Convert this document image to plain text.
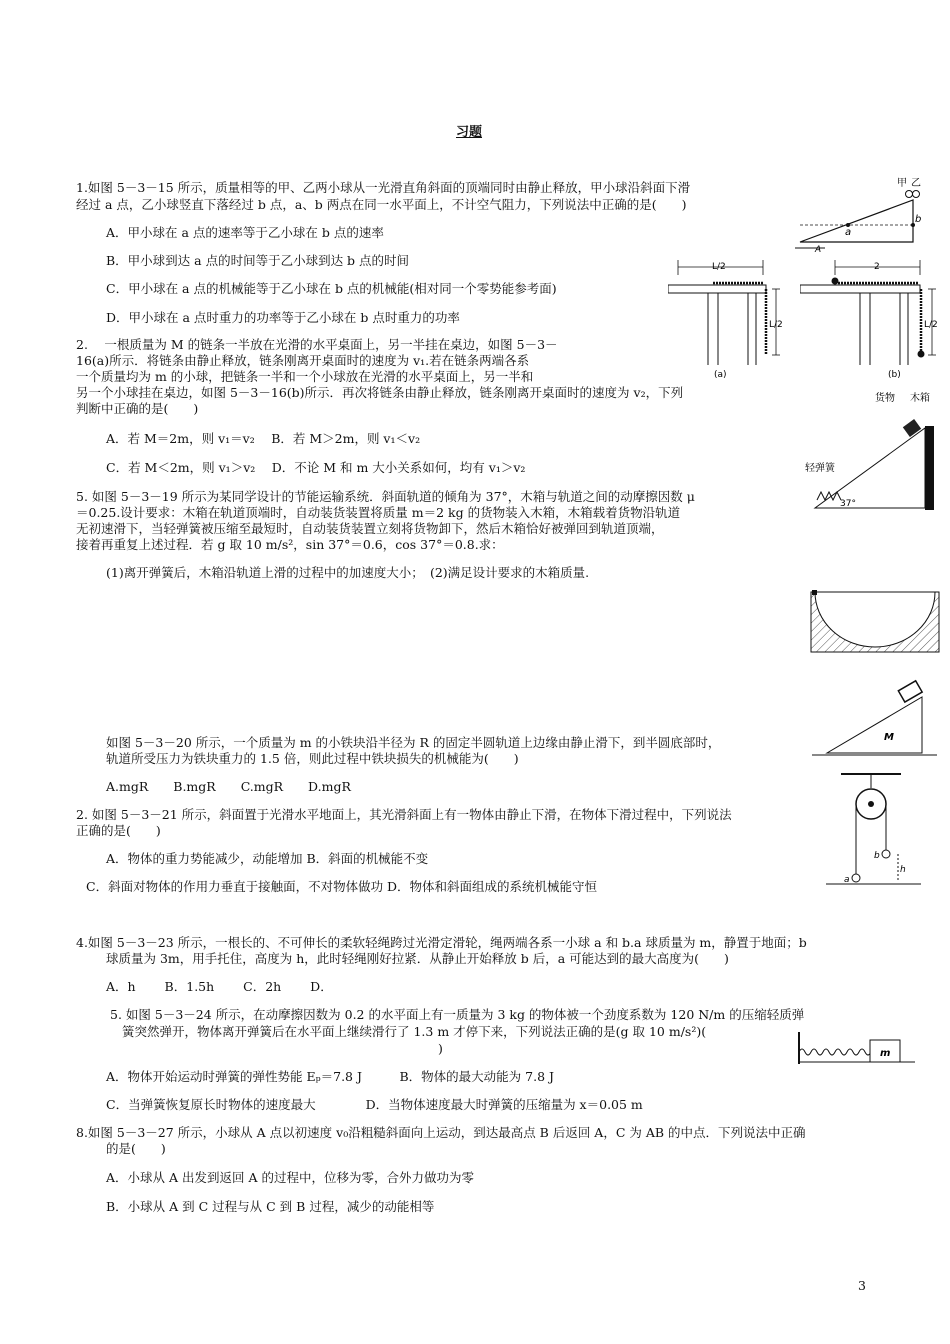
习题
1.如图 5－3－15 所示，质量相等的甲、乙两小球从一光滑直角斜面的顶端同时由静止释放，甲小球沿斜面下滑
经过 a 点，乙小球竖直下落经过 b 点，a、b 两点在同一水平面上，不计空气阻力，下列说法中正确的是(　　)
A．甲小球在 a 点的速率等于乙小球在 b 点的速率
B．甲小球到达 a 点的时间等于乙小球到达 b 点的时间
C．甲小球在 a 点的机械能等于乙小球在 b 点的机械能(相对同一个零势能参考面)
D．甲小球在 a 点时重力的功率等于乙小球在 b 点时重力的功率
2.　 一根质量为 M 的链条一半放在光滑的水平桌面上，另一半挂在桌边，如图 5－3－
16(a)所示．将链条由静止释放，链条刚离开桌面时的速度为 v₁.若在链条两端各系
一个质量均为 m 的小球，把链条一半和一个小球放在光滑的水平桌面上，另一半和
另一个小球挂在桌边，如图 5－3－16(b)所示．再次将链条由静止释放，链条刚离开桌面时的速度为 v₂，下列
判断中正确的是(　　)
A．若 M＝2m，则 v₁＝v₂　 B．若 M＞2m，则 v₁＜v₂
C．若 M＜2m，则 v₁＞v₂　 D．不论 M 和 m 大小关系如何，均有 v₁＞v₂
5. 如图 5－3－19 所示为某同学设计的节能运输系统．斜面轨道的倾角为 37°，木箱与轨道之间的动摩擦因数 μ
＝0.25.设计要求：木箱在轨道顶端时，自动装货装置将质量 m＝2 kg 的货物装入木箱，木箱载着货物沿轨道
无初速滑下，当轻弹簧被压缩至最短时，自动装货装置立刻将货物卸下，然后木箱恰好被弹回到轨道顶端，
接着再重复上述过程．若 g 取 10 m/s²，sin 37°＝0.6，cos 37°＝0.8.求：
(1)离开弹簧后，木箱沿轨道上滑的过程中的加速度大小；　(2)满足设计要求的木箱质量.
如图 5－3－20 所示，一个质量为 m 的小铁块沿半径为 R 的固定半圆轨道上边缘由静止滑下，到半圆底部时，
轨道所受压力为铁块重力的 1.5 倍，则此过程中铁块损失的机械能为(　　)
A.mgR　　B.mgR　　C.mgR　　D.mgR
2. 如图 5－3－21 所示，斜面置于光滑水平地面上，其光滑斜面上有一物体由静止下滑，在物体下滑过程中，下列说法
正确的是(　　)
A．物体的重力势能减少，动能增加 B．斜面的机械能不变
C．斜面对物体的作用力垂直于接触面，不对物体做功 D．物体和斜面组成的系统机械能守恒
4.如图 5－3－23 所示，一根长的、不可伸长的柔软轻绳跨过光滑定滑轮，绳两端各系一小球 a 和 b.a 球质量为 m，静置于地面；b
球质量为 3m，用手托住，高度为 h，此时轻绳刚好拉紧．从静止开始释放 b 后，a 可能达到的最大高度为(　　)
A．h　　 B．1.5h　　 C．2h　　 D．
5. 如图 5－3－24 所示，在动摩擦因数为 0.2 的水平面上有一质量为 3 kg 的物体被一个劲度系数为 120 N/m 的压缩轻质弹
簧突然弹开，物体离开弹簧后在水平面上继续滑行了 1.3 m 才停下来，下列说法正确的是(g 取 10 m/s²)(
)
A．物体开始运动时弹簧的弹性势能 Eₚ＝7.8 J　　　B．物体的最大动能为 7.8 J
C．当弹簧恢复原长时物体的速度最大　　　　D．当物体速度最大时弹簧的压缩量为 x＝0.05 m
8.如图 5－3－27 所示，小球从 A 点以初速度 v₀沿粗糙斜面向上运动，到达最高点 B 后返回 A，C 为 AB 的中点．下列说法中正确
的是(　　)
A．小球从 A 出发到返回 A 的过程中，位移为零，合外力做功为零
B．小球从 A 到 C 过程与从 C 到 B 过程，减少的动能相等
3
甲 乙
a
b
A
L/2
L/2
(a)
2
L/2
(b)
货物 木箱
轻弹簧
37°
M
a
b
h
m
